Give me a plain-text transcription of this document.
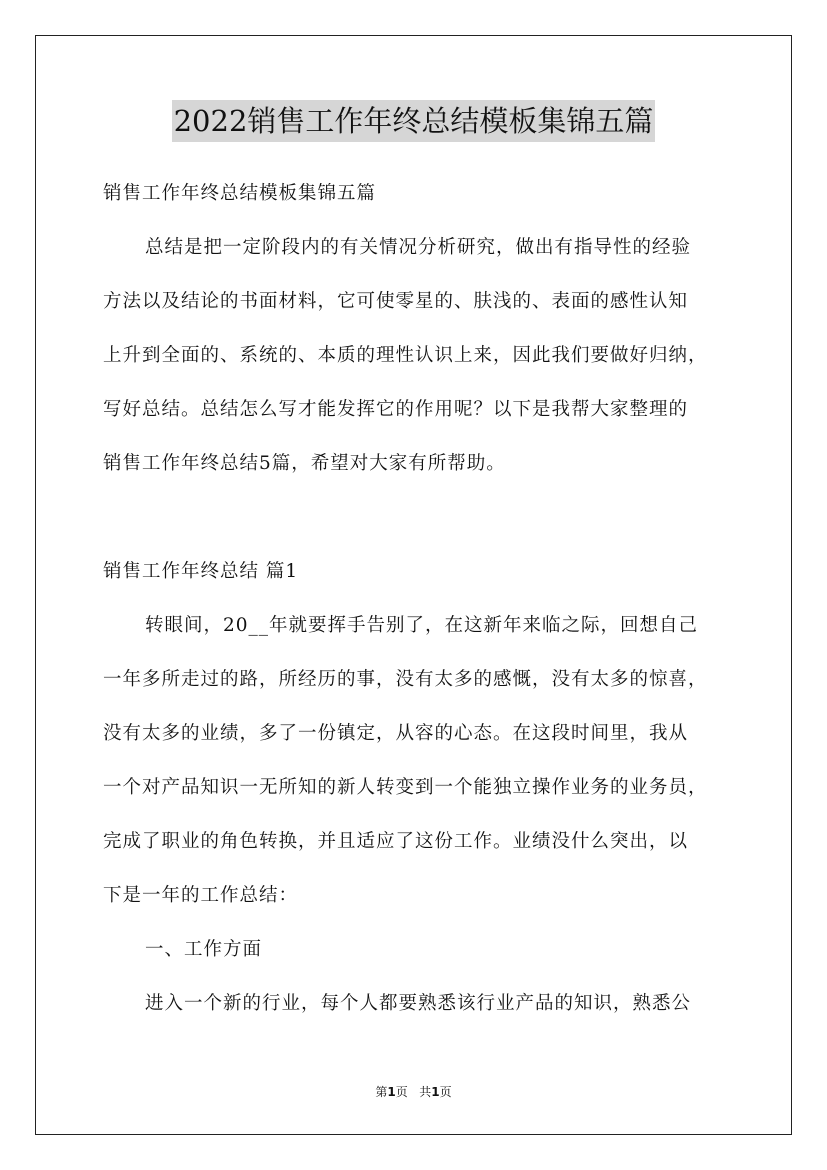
2022销售工作年终总结模板集锦五篇
销售工作年终总结模板集锦五篇
总结是把一定阶段内的有关情况分析研究，做出有指导性的经验
方法以及结论的书面材料，它可使零星的、肤浅的、表面的感性认知
上升到全面的、系统的、本质的理性认识上来，因此我们要做好归纳，
写好总结。总结怎么写才能发挥它的作用呢？以下是我帮大家整理的
销售工作年终总结5篇，希望对大家有所帮助。
销售工作年终总结 篇1
转眼间，20__年就要挥手告别了，在这新年来临之际，回想自己
一年多所走过的路，所经历的事，没有太多的感慨，没有太多的惊喜，
没有太多的业绩，多了一份镇定，从容的心态。在这段时间里，我从
一个对产品知识一无所知的新人转变到一个能独立操作业务的业务员，
完成了职业的角色转换，并且适应了这份工作。业绩没什么突出，以
下是一年的工作总结：
一、工作方面
进入一个新的行业，每个人都要熟悉该行业产品的知识，熟悉公
第1页 共1页
